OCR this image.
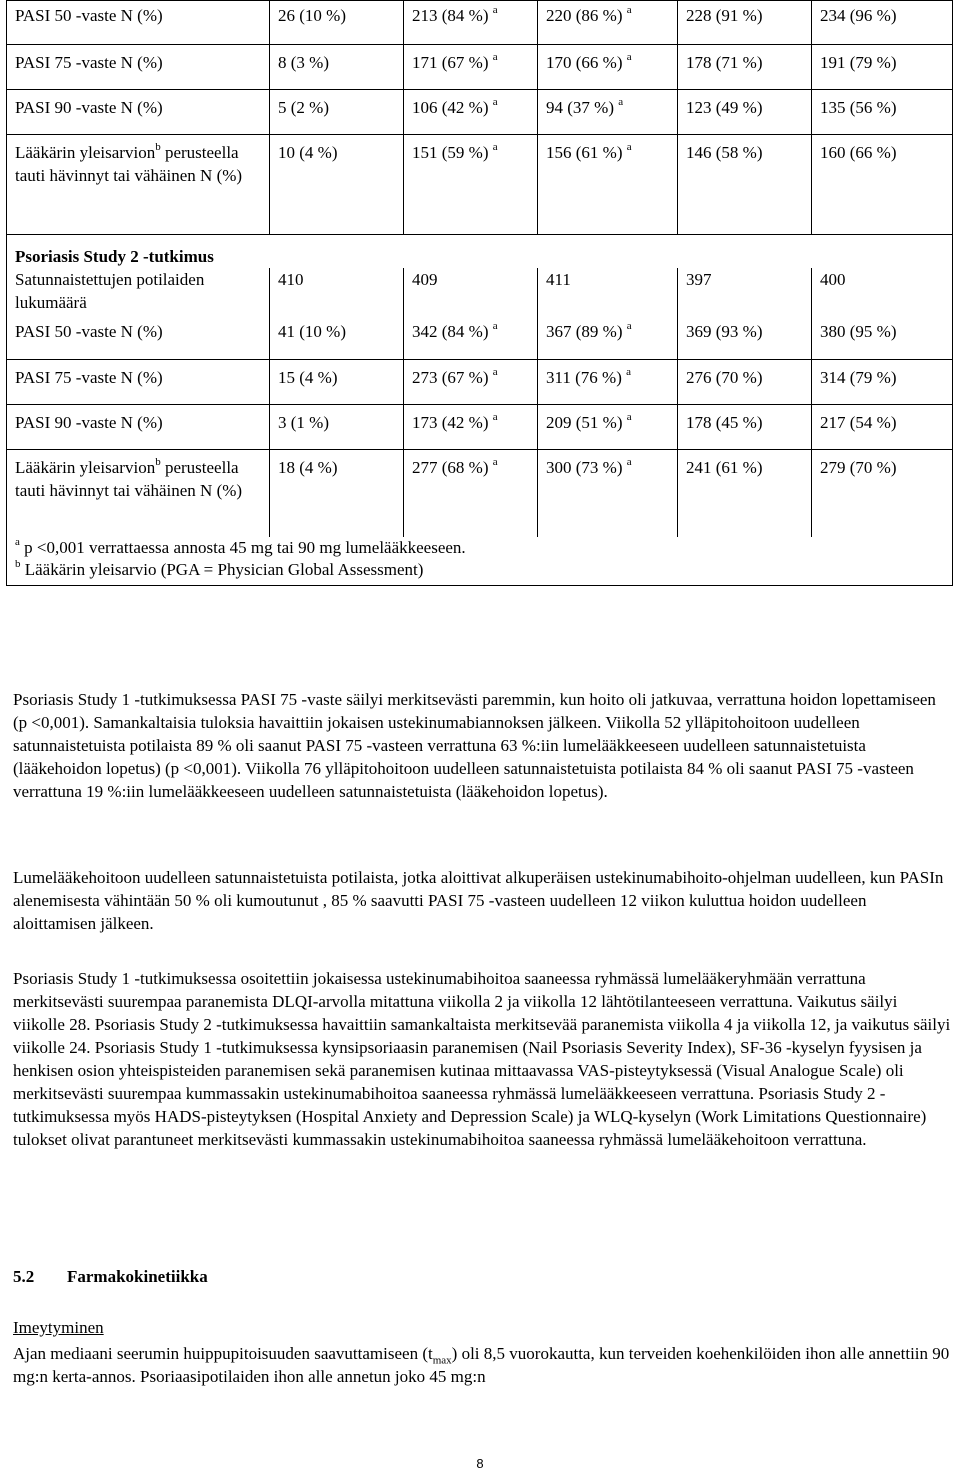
PASI 50 -vaste N (%)	26 (10 %)	213 (84 %) $^a$	220 (86 %) $^a$	228 (91 %)	234 (96 %)
PASI 75 -vaste N (%)	8 (3 %)	171 (67 %) $^a$	170 (66 %) $^a$	178 (71 %)	191 (79 %)
PASI 90 -vaste N (%)	5 (2 %)	106 (42 %) $^a$	94 (37 %) $^a$	123 (49 %)	135 (56 %)
Lääkärin yleisarvion$^b$ perusteella tauti hävinnyt tai vähäinen N (%)	10 (4 %)	151 (59 %) $^a$	156 (61 %) $^a$	146 (58 %)	160 (66 %)

Psoriasis Study 2 -tutkimus					

Satunnaistettujen potilaiden lukumäärä	410	409	411	397	400
PASI 50 -vaste N (%)	41 (10 %)	342 (84 %) $^a$	367 (89 %) $^a$	369 (93 %)	380 (95 %)
PASI 75 -vaste N (%)	15 (4 %)	273 (67 %) $^a$	311 (76 %) $^a$	276 (70 %)	314 (79 %)
PASI 90 -vaste N (%)	3 (1 %)	173 (42 %) $^a$	209 (51 %) $^a$	178 (45 %)	217 (54 %)
Lääkärin yleisarvion$^b$ perusteella tauti hävinnyt tai vähäinen N (%)	18 (4 %)	277 (68 %) $^a$	300 (73 %) $^a$	241 (61 %)	279 (70 %)

$^a$ p <0,001 verrattaessa annosta 45 mg tai 90 mg lumelääkkeeseen.
$^b$ Lääkärin yleisarvio (PGA = Physician Global Assessment)					

Psoriasis Study 1 -tutkimuksessa PASI 75 -vaste säilyi merkitsevästi paremmin, kun hoito oli jatkuvaa, verrattuna hoidon lopettamiseen (p <0,001). Samankaltaisia tuloksia havaittiin jokaisen ustekinumabiannoksen jälkeen. Viikolla 52 ylläpitohoitoon uudelleen satunnaistetuista potilaista 89 % oli saanut PASI 75 -vasteen verrattuna 63 %:iin lumelääkkeeseen uudelleen satunnaistetuista (lääkehoidon lopetus) (p <0,001). Viikolla 76 ylläpitohoitoon uudelleen satunnaistetuista potilaista 84 % oli saanut PASI 75 -vasteen verrattuna 19 %:iin lumelääkkeeseen uudelleen satunnaistetuista (lääkehoidon lopetus).

Lumelääkehoitoon uudelleen satunnaistetuista potilaista, jotka aloittivat alkuperäisen ustekinumabihoito-ohjelman uudelleen, kun PASIn alenemisesta vähintään 50 % oli kumoutunut , 85 % saavutti PASI 75 -vasteen uudelleen 12 viikon kuluttua hoidon uudelleen aloittamisen jälkeen.

Psoriasis Study 1 -tutkimuksessa osoitettiin jokaisessa ustekinumabihoitoa saaneessa ryhmässä lumelääkeryhmään verrattuna merkitsevästi suurempaa paranemista DLQI-arvolla mitattuna viikolla 2 ja viikolla 12 lähtötilanteeseen verrattuna. Vaikutus säilyi viikolle 28. Psoriasis Study 2 -tutkimuksessa havaittiin samankaltaista merkitsevää paranemista viikolla 4 ja viikolla 12, ja vaikutus säilyi viikolle 24. Psoriasis Study 1 -tutkimuksessa kynsipsoriaasin paranemisen (Nail Psoriasis Severity Index), SF-36 -kyselyn fyysisen ja henkisen osion yhteispisteiden paranemisen sekä paranemisen kutinaa mittaavassa VAS-pisteytyksessä (Visual Analogue Scale) oli merkitsevästi suurempaa kummassakin ustekinumabihoitoa saaneessa ryhmässä lumelääkkeeseen verrattuna. Psoriasis Study 2 -tutkimuksessa myös HADS-pisteytyksen (Hospital Anxiety and Depression Scale) ja WLQ-kyselyn (Work Limitations Questionnaire) tulokset olivat parantuneet merkitsevästi kummassakin ustekinumabihoitoa saaneessa ryhmässä lumelääkehoitoon verrattuna.

5.2 Farmakokinetiikka
Imeytyminen

Ajan mediaani seerumin huippupitoisuuden saavuttamiseen $(t_{max})$ oli 8,5 vuorokautta, kun terveiden koehenkilöiden ihon alle annettiin 90 mg:n kerta-annos. Psoriaasipotilaiden ihon alle annetun joko 45 mg:n

8
